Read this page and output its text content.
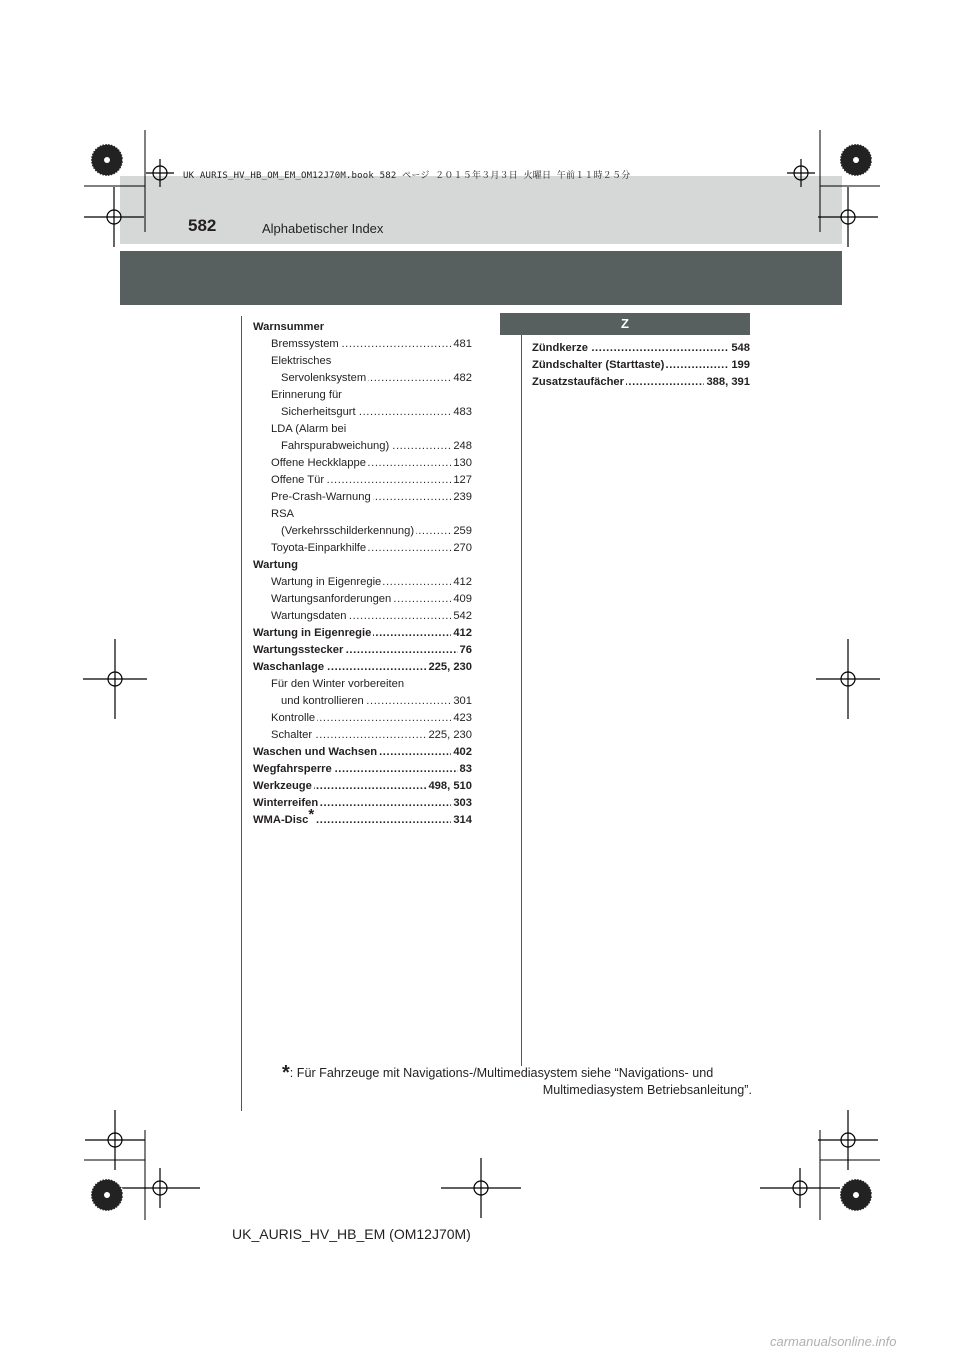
UK AURIS_HV_HB_OM_EM_OM12J70M.book 582 ページ ２０１５年３月３日 火曜日 午前１１時２５分
582	Alphabetischer Index
Warnsummer
.....
Bremssystem	481
Elektrisches
.....
Servolenksystem	482
Erinnerung für
.....
Sicherheitsgurt	483
LDA (Alarm bei
.....
Fahrspurabweichung)	248
.....
Offene Heckklappe	130
.....
Offene Tür	127
.....
Pre-Crash-Warnung	239
RSA
.....
(Verkehrsschilderkennung)	259
.....
Toyota-Einparkhilfe	270
Wartung
.....
Wartung in Eigenregie	412
.....
Wartungsanforderungen	409
.....
Wartungsdaten	542
.....
Wartung in Eigenregie	412
.....
Wartungsstecker	76
.....
Waschanlage	225, 230
Für den Winter vorbereiten
.....
und kontrollieren	301
.....
Kontrolle	423
.....
Schalter	225, 230
.....
Waschen und Wachsen	402
.....
Wegfahrsperre	83
.....
Werkzeuge	498, 510
.....
Winterreifen	303
.....
WMA-Disc*	314
Z
.....
Zündkerze	548
.....
Zündschalter (Starttaste)	199
.....
Zusatzstaufächer	388, 391
*: Für Fahrzeuge mit Navigations-/Multimediasystem siehe “Navigations- und
Multimediasystem Betriebsanleitung”.
UK_AURIS_HV_HB_EM (OM12J70M)
carmanualsonline.info
